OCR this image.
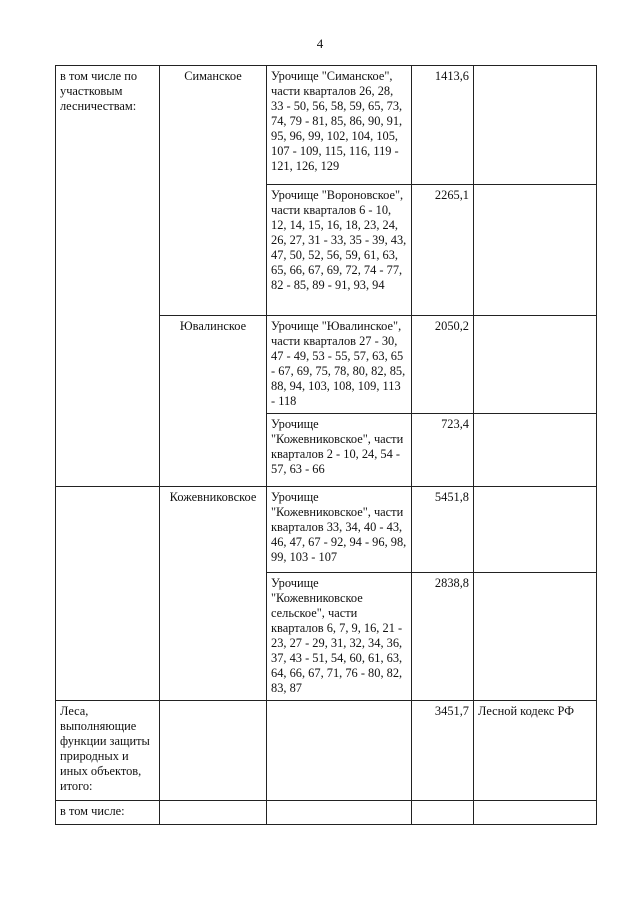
4
в том числе по участковым лесничествам:	Симанское	Урочище "Симанское", части кварталов 26, 28, 33 - 50, 56, 58, 59, 65, 73, 74, 79 - 81, 85, 86, 90, 91, 95, 96, 99, 102, 104, 105, 107 - 109, 115, 116, 119 - 121, 126, 129	1413,6	
		Урочище "Вороновское", части кварталов 6 - 10, 12, 14, 15, 16, 18, 23, 24, 26, 27, 31 - 33, 35 - 39, 43, 47, 50, 52, 56, 59, 61, 63, 65, 66, 67, 69, 72, 74 - 77, 82 - 85, 89 - 91, 93, 94	2265,1	
	Ювалинское	Урочище "Ювалинское", части кварталов 27 - 30, 47 - 49, 53 - 55, 57, 63, 65 - 67, 69, 75, 78, 80, 82, 85, 88, 94, 103, 108, 109, 113 - 118	2050,2	
		Урочище "Кожевниковское", части кварталов 2 - 10, 24, 54 - 57, 63 - 66	723,4	
	Кожевниковское	Урочище "Кожевниковское", части кварталов 33, 34, 40 - 43, 46, 47, 67 - 92, 94 - 96, 98, 99, 103 - 107	5451,8	
		Урочище "Кожевниковское сельское", части кварталов 6, 7, 9, 16, 21 - 23, 27 - 29, 31, 32, 34, 36, 37, 43 - 51, 54, 60, 61, 63, 64, 66, 67, 71, 76 - 80, 82, 83, 87	2838,8	
Леса, выполняющие функции защиты природных и иных объектов, итого:			3451,7	Лесной кодекс РФ
в том числе:				
